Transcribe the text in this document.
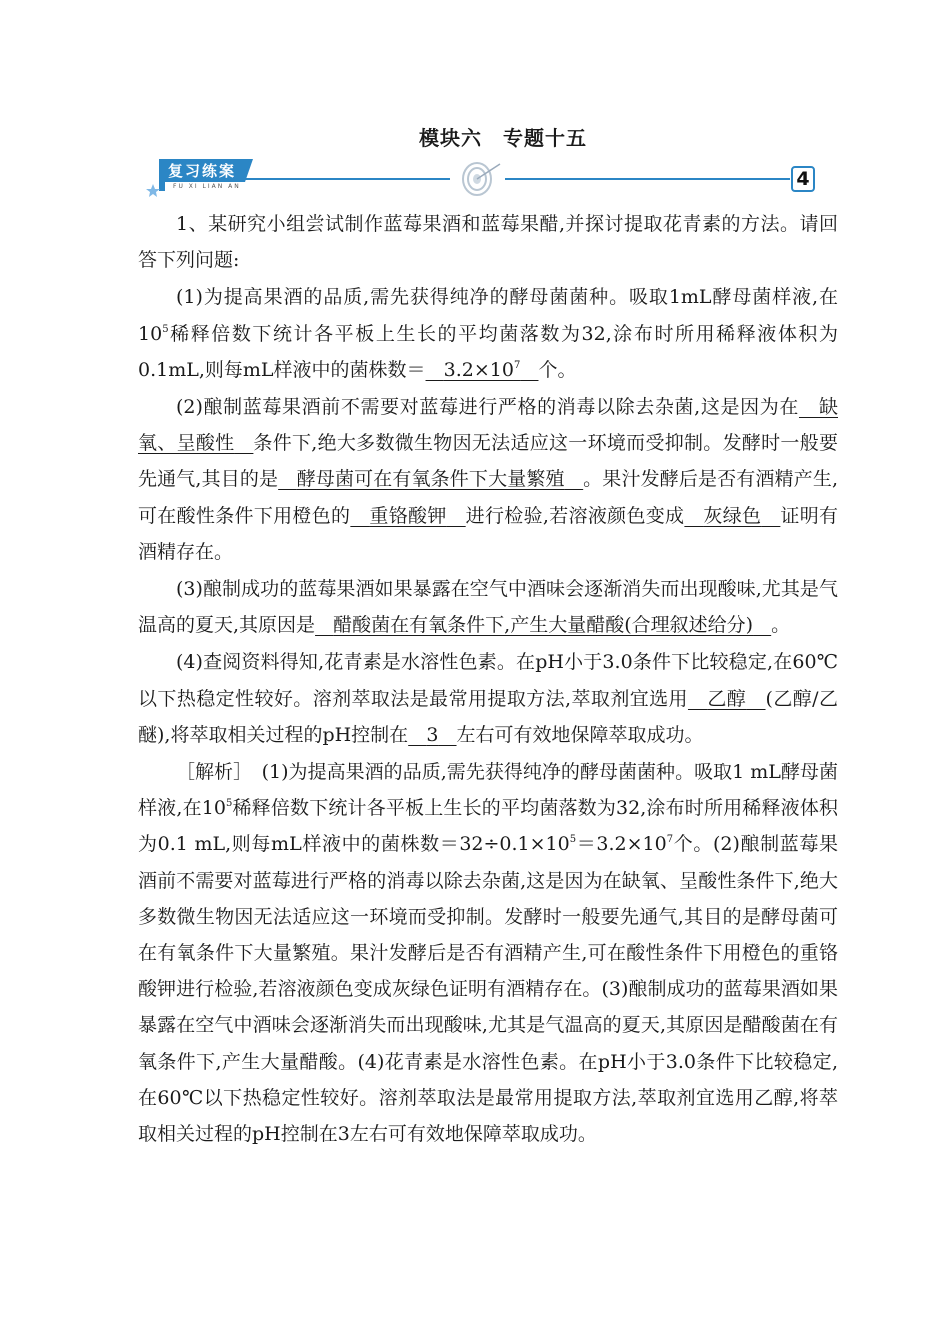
模块六　专题十五
复习练案
FU XI LIAN AN	4

1、某研究小组尝试制作蓝莓果酒和蓝莓果醋,并探讨提取花青素的方法。请回答下列问题:

(1)为提高果酒的品质,需先获得纯净的酵母菌菌种。吸取1mL酵母菌样液,在$10^5$稀释倍数下统计各平板上生长的平均菌落数为32,涂布时所用稀释液体积为0.1mL,则每mL样液中的菌株数＝ $3.2\times 10^7$ 个。

(2)酿制蓝莓果酒前不需要对蓝莓进行严格的消毒以除去杂菌,这是因为在 缺氧、呈酸性 条件下,绝大多数微生物因无法适应这一环境而受抑制。发酵时一般要先通气,其目的是 酵母菌可在有氧条件下大量繁殖 。果汁发酵后是否有酒精产生,可在酸性条件下用橙色的 重铬酸钾 进行检验,若溶液颜色变成 灰绿色 证明有酒精存在。

(3)酿制成功的蓝莓果酒如果暴露在空气中酒味会逐渐消失而出现酸味,尤其是气温高的夏天,其原因是 醋酸菌在有氧条件下,产生大量醋酸(合理叙述给分) 。

(4)查阅资料得知,花青素是水溶性色素。在pH小于3.0条件下比较稳定,在60℃以下热稳定性较好。溶剂萃取法是最常用提取方法,萃取剂宜选用 乙醇 (乙醇/乙醚),将萃取相关过程的pH控制在 3 左右可有效地保障萃取成功。

［解析］　(1)为提高果酒的品质,需先获得纯净的酵母菌菌种。吸取1 mL酵母菌样液,在$10^5$稀释倍数下统计各平板上生长的平均菌落数为32,涂布时所用稀释液体积为0.1 mL,则每mL样液中的菌株数$=32\div 0.1\times 10^5=3.2\times 10^7$个。(2)酿制蓝莓果酒前不需要对蓝莓进行严格的消毒以除去杂菌,这是因为在缺氧、呈酸性条件下,绝大多数微生物因无法适应这一环境而受抑制。发酵时一般要先通气,其目的是酵母菌可在有氧条件下大量繁殖。果汁发酵后是否有酒精产生,可在酸性条件下用橙色的重铬酸钾进行检验,若溶液颜色变成灰绿色证明有酒精存在。(3)酿制成功的蓝莓果酒如果暴露在空气中酒味会逐渐消失而出现酸味,尤其是气温高的夏天,其原因是醋酸菌在有氧条件下,产生大量醋酸。(4)花青素是水溶性色素。在pH小于3.0条件下比较稳定,在60℃以下热稳定性较好。溶剂萃取法是最常用提取方法,萃取剂宜选用乙醇,将萃取相关过程的pH控制在3左右可有效地保障萃取成功。
